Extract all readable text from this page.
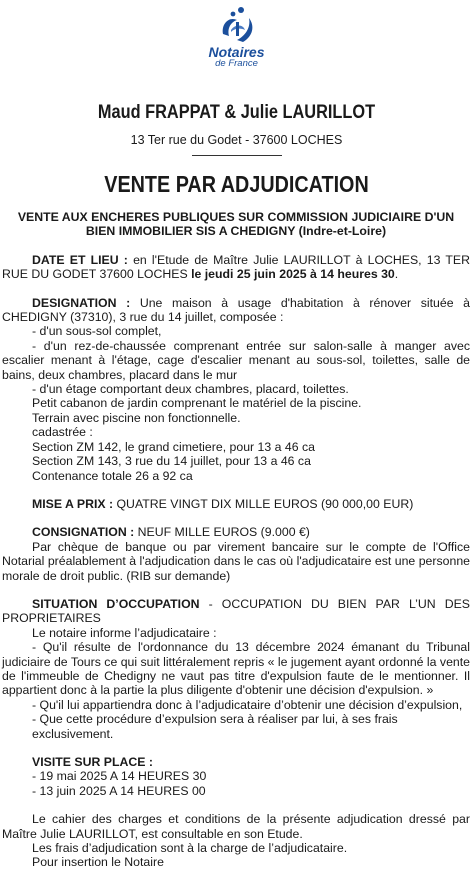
Notaires
de France
Maud FRAPPAT & Julie LAURILLOT
13 Ter rue du Godet - 37600 LOCHES
VENTE PAR ADJUDICATION

VENTE AUX ENCHERES PUBLIQUES SUR COMMISSION JUDICIAIRE D'UN

BIEN IMMOBILIER SIS A CHEDIGNY (Indre-et-Loire)

DATE ET LIEU : en l'Etude de Maître Julie LAURILLOT à LOCHES, 13 TER RUE DU GODET 37600 LOCHES le jeudi 25 juin 2025 à 14 heures 30.

DESIGNATION : Une maison à usage d'habitation à rénover située à CHEDIGNY (37310), 3 rue du 14 juillet, composée :

- d'un sous-sol complet,

- d'un rez-de-chaussée comprenant entrée sur salon-salle à manger avec escalier menant à l'étage, cage d'escalier menant au sous-sol, toilettes, salle de bains, deux chambres, placard dans le mur

- d'un étage comportant deux chambres, placard, toilettes.

Petit cabanon de jardin comprenant le matériel de la piscine.

Terrain avec piscine non fonctionnelle.

cadastrée :

Section ZM 142, le grand cimetiere, pour 13 a 46 ca

Section ZM 143, 3 rue du 14 juillet, pour 13 a 46 ca

Contenance totale 26 a 92 ca

MISE A PRIX : QUATRE VINGT DIX MILLE EUROS (90 000,00 EUR)

CONSIGNATION : NEUF MILLE EUROS (9.000 €)

Par chèque de banque ou par virement bancaire sur le compte de l'Office Notarial préalablement à l'adjudication dans le cas où l'adjudicataire est une personne morale de droit public. (RIB sur demande)

SITUATION D’OCCUPATION - OCCUPATION DU BIEN PAR L’UN DES PROPRIETAIRES

Le notaire informe l’adjudicataire :

- Qu'il résulte de l'ordonnance du 13 décembre 2024 émanant du Tribunal judiciaire de Tours ce qui suit littéralement repris « le jugement ayant ordonné la vente de l'immeuble de Chedigny ne vaut pas titre d'expulsion faute de le mentionner. Il appartient donc à la partie la plus diligente d'obtenir une décision d'expulsion. »

- Qu'il lui appartiendra donc à l’adjudicataire d’obtenir une décision d’expulsion,

- Que cette procédure d’expulsion sera à réaliser par lui, à ses frais exclusivement.

VISITE SUR PLACE :

- 19 mai 2025 A 14 HEURES 30

- 13 juin 2025 A 14 HEURES 00

Le cahier des charges et conditions de la présente adjudication dressé par Maître Julie LAURILLOT, est consultable en son Etude.

Les frais d’adjudication sont à la charge de l’adjudicataire.

Pour insertion le Notaire
